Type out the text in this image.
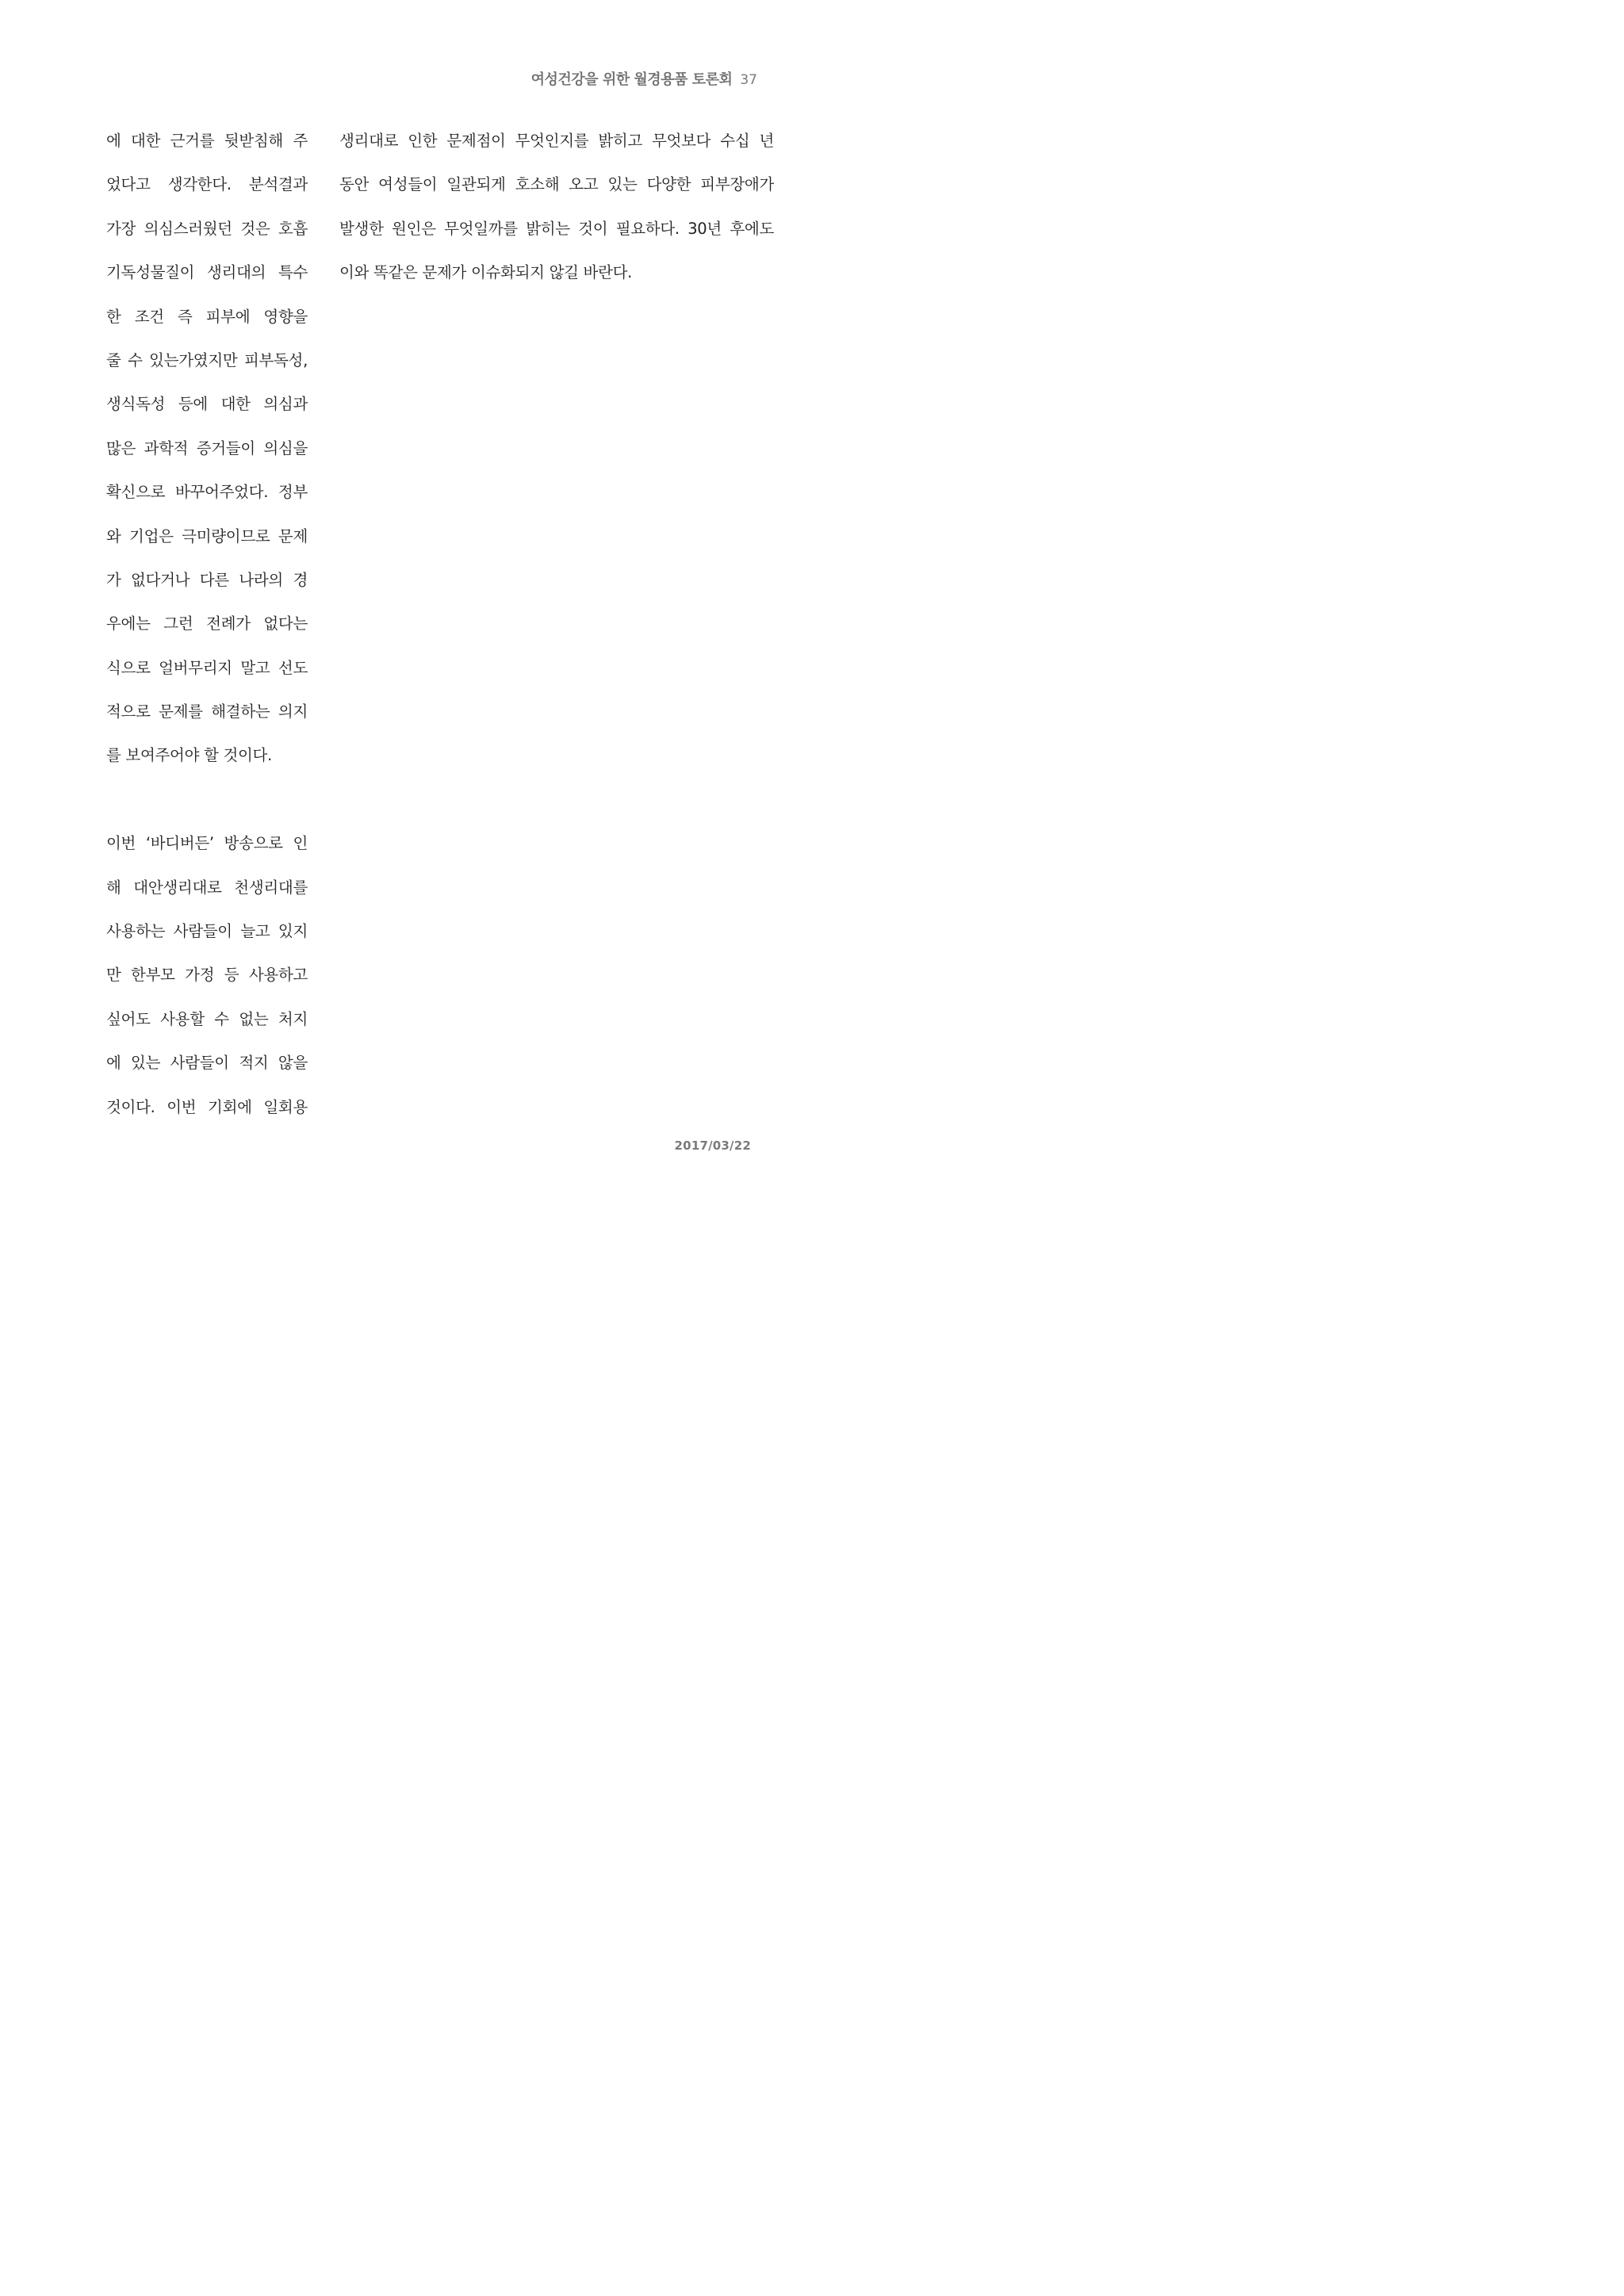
여성건강을 위한 월경용품 토론회 37
에 대한 근거를 뒷받침해 주
었다고 생각한다. 분석결과
가장 의심스러웠던 것은 호흡
기독성물질이 생리대의 특수
한 조건 즉 피부에 영향을
줄 수 있는가였지만 피부독성,
생식독성 등에 대한 의심과
많은 과학적 증거들이 의심을
확신으로 바꾸어주었다. 정부
와 기업은 극미량이므로 문제
가 없다거나 다른 나라의 경
우에는 그런 전례가 없다는
식으로 얼버무리지 말고 선도
적으로 문제를 해결하는 의지
를 보여주어야 할 것이다.
이번 ‘바디버든’ 방송으로 인
해 대안생리대로 천생리대를
사용하는 사람들이 늘고 있지
만 한부모 가정 등 사용하고
싶어도 사용할 수 없는 처지
에 있는 사람들이 적지 않을
것이다. 이번 기회에 일회용
생리대로 인한 문제점이 무엇인지를 밝히고 무엇보다 수십 년
동안 여성들이 일관되게 호소해 오고 있는 다양한 피부장애가
발생한 원인은 무엇일까를 밝히는 것이 필요하다. 30년 후에도
이와 똑같은 문제가 이슈화되지 않길 바란다.
2017/03/22
